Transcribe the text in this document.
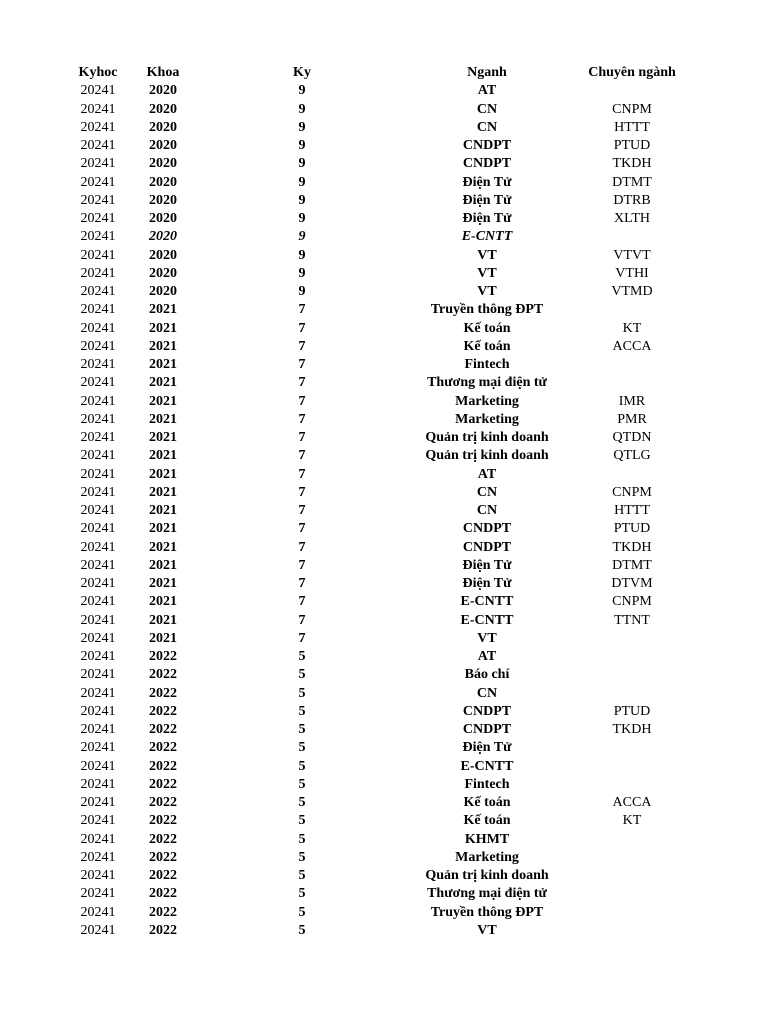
Kyhoc Khoa	Ky	Nganh	Chuyên ngành
20241 2020	9	AT
20241 2020	9	CN	CNPM
20241 2020	9	CN	HTTT
20241 2020	9	CNDPT	PTUD
20241 2020	9	CNDPT	TKDH
20241 2020	9	Điện Tử	DTMT
20241 2020	9	Điện Tử	DTRB
20241 2020	9	Điện Tử	XLTH
20241 2020	9	E-CNTT
20241 2020	9	VT	VTVT
20241 2020	9	VT	VTHI
20241 2020	9	VT	VTMD
20241 2021	7	Truyền thông ĐPT
20241 2021	7	Kế toán	KT
20241 2021	7	Kế toán	ACCA
20241 2021	7	Fintech
20241 2021	7	Thương mại điện tử
20241 2021	7	Marketing	IMR
20241 2021	7	Marketing	PMR
20241 2021	7	Quản trị kinh doanh	QTDN
20241 2021	7	Quản trị kinh doanh	QTLG
20241 2021	7	AT
20241 2021	7	CN	CNPM
20241 2021	7	CN	HTTT
20241 2021	7	CNDPT	PTUD
20241 2021	7	CNDPT	TKDH
20241 2021	7	Điện Tử	DTMT
20241 2021	7	Điện Tử	DTVM
20241 2021	7	E-CNTT	CNPM
20241 2021	7	E-CNTT	TTNT
20241 2021	7	VT
20241 2022	5	AT
20241 2022	5	Báo chí
20241 2022	5	CN
20241 2022	5	CNDPT	PTUD
20241 2022	5	CNDPT	TKDH
20241 2022	5	Điện Tử
20241 2022	5	E-CNTT
20241 2022	5	Fintech
20241 2022	5	Kế toán	ACCA
20241 2022	5	Kế toán	KT
20241 2022	5	KHMT
20241 2022	5	Marketing
20241 2022	5	Quản trị kinh doanh
20241 2022	5	Thương mại điện tử
20241 2022	5	Truyền thông ĐPT
20241 2022	5	VT
